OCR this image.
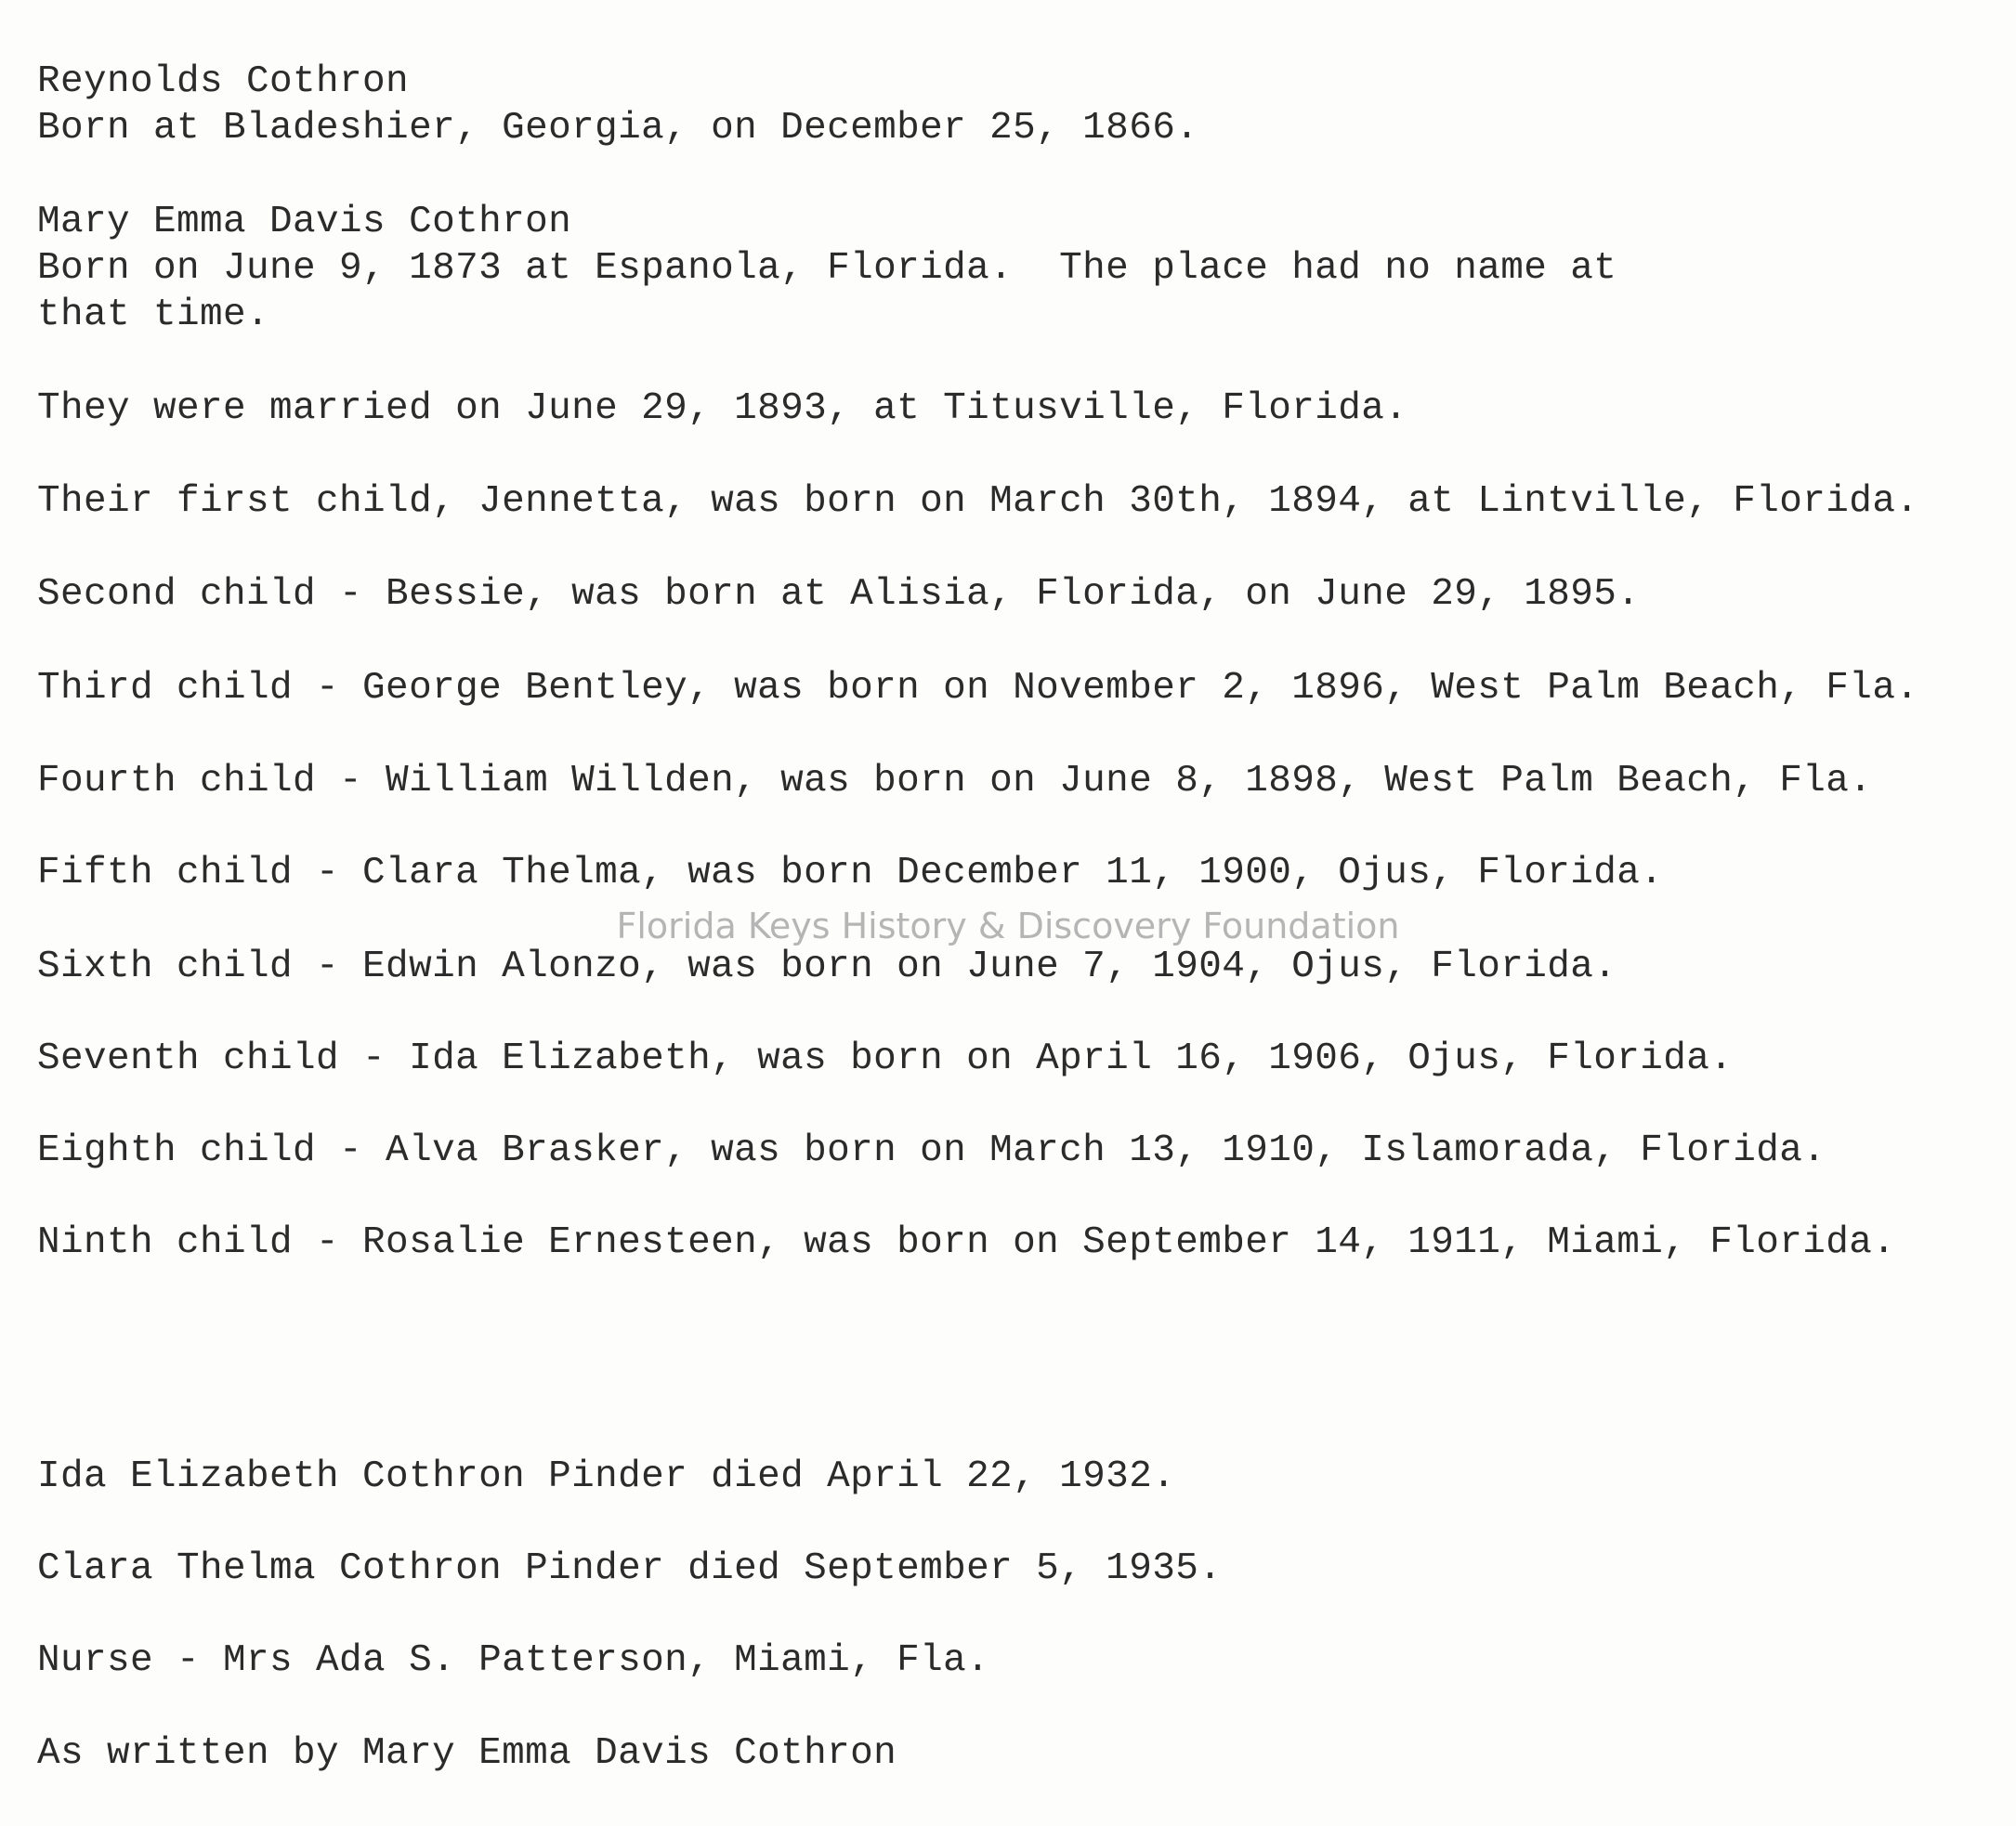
Reynolds Cothron
Born at Bladeshier, Georgia, on December 25, 1866.
Mary Emma Davis Cothron
Born on June 9, 1873 at Espanola, Florida.  The place had no name at
that time.
They were married on June 29, 1893, at Titusville, Florida.
Their first child, Jennetta, was born on March 30th, 1894, at Lintville, Florida.
Second child - Bessie, was born at Alisia, Florida, on June 29, 1895.
Third child - George Bentley, was born on November 2, 1896, West Palm Beach, Fla.
Fourth child - William Willden, was born on June 8, 1898, West Palm Beach, Fla.
Fifth child - Clara Thelma, was born December 11, 1900, Ojus, Florida.
Sixth child - Edwin Alonzo, was born on June 7, 1904, Ojus, Florida.
Seventh child - Ida Elizabeth, was born on April 16, 1906, Ojus, Florida.
Eighth child - Alva Brasker, was born on March 13, 1910, Islamorada, Florida.
Ninth child - Rosalie Ernesteen, was born on September 14, 1911, Miami, Florida.
Ida Elizabeth Cothron Pinder died April 22, 1932.
Clara Thelma Cothron Pinder died September 5, 1935.
Nurse - Mrs Ada S. Patterson, Miami, Fla.
As written by Mary Emma Davis Cothron
Florida Keys History & Discovery Foundation
